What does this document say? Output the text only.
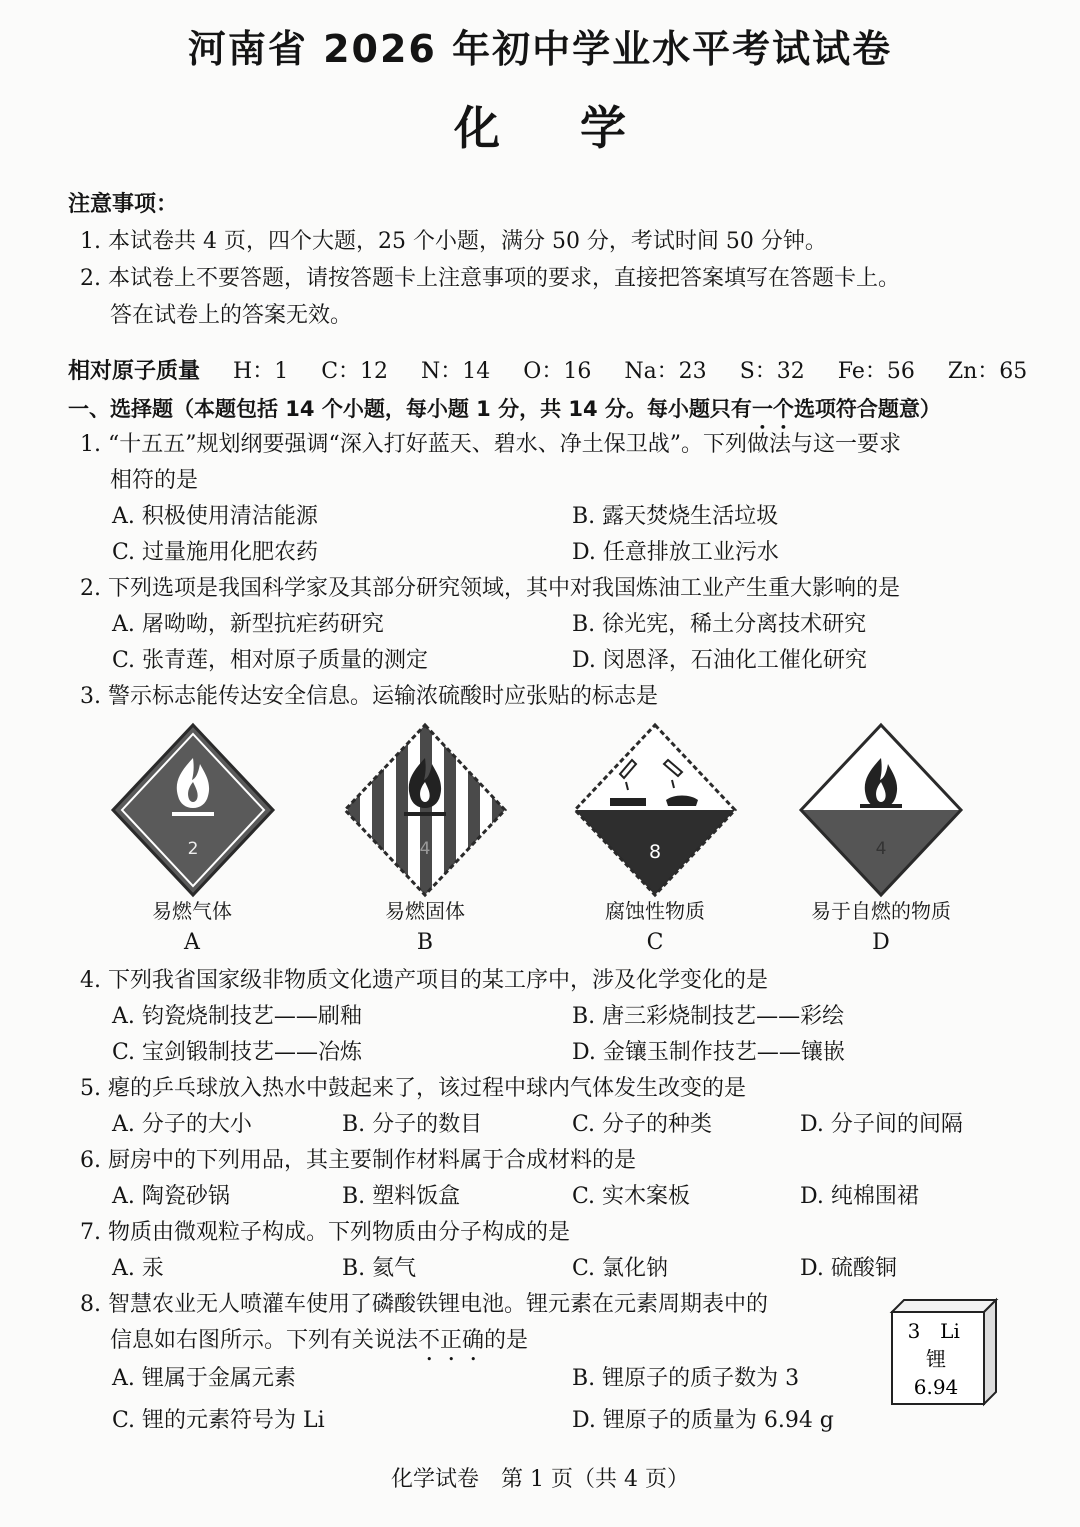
河南省 2026 年初中学业水平考试试卷
化学
注意事项：
1. 本试卷共 4 页，四个大题，25 个小题，满分 50 分，考试时间 50 分钟。
2. 本试卷上不要答题，请按答题卡上注意事项的要求，直接把答案填写在答题卡上。
答在试卷上的答案无效。
相对原子质量 H：1 C：12 N：14 O：16 Na：23 S：32 Fe：56 Zn：65
一、选择题（本题包括 14 个小题，每小题 1 分，共 14 分。每小题只有一个选项符合题意）
1. “十五五”规划纲要强调“深入打好蓝天、碧水、净土保卫战”。下列做法与这一要求
相符的是
A. 积极使用清洁能源	B. 露天焚烧生活垃圾
C. 过量施用化肥农药	D. 任意排放工业污水
2. 下列选项是我国科学家及其部分研究领域，其中对我国炼油工业产生重大影响的是
A. 屠呦呦，新型抗疟药研究	B. 徐光宪，稀土分离技术研究
C. 张青莲，相对原子质量的测定	D. 闵恩泽，石油化工催化研究
3. 警示标志能传达安全信息。运输浓硫酸时应张贴的标志是
2
易燃气体
A
4
易燃固体
B
8
腐蚀性物质
C
4
易于自燃的物质
D
4. 下列我省国家级非物质文化遗产项目的某工序中，涉及化学变化的是
A. 钧瓷烧制技艺——刷釉	B. 唐三彩烧制技艺——彩绘
C. 宝剑锻制技艺——冶炼	D. 金镶玉制作技艺——镶嵌
5. 瘪的乒乓球放入热水中鼓起来了，该过程中球内气体发生改变的是
A. 分子的大小	B. 分子的数目	C. 分子的种类	D. 分子间的间隔
6. 厨房中的下列用品，其主要制作材料属于合成材料的是
A. 陶瓷砂锅	B. 塑料饭盒	C. 实木案板	D. 纯棉围裙
7. 物质由微观粒子构成。下列物质由分子构成的是
A. 汞	B. 氦气	C. 氯化钠	D. 硫酸铜
8. 智慧农业无人喷灌车使用了磷酸铁锂电池。锂元素在元素周期表中的
信息如右图所示。下列有关说法不正确的是
A. 锂属于金属元素	B. 锂原子的质子数为 3
C. 锂的元素符号为 Li	D. 锂原子的质量为 6.94 g
3 Li
锂
6.94
化学试卷　第 1 页（共 4 页）
